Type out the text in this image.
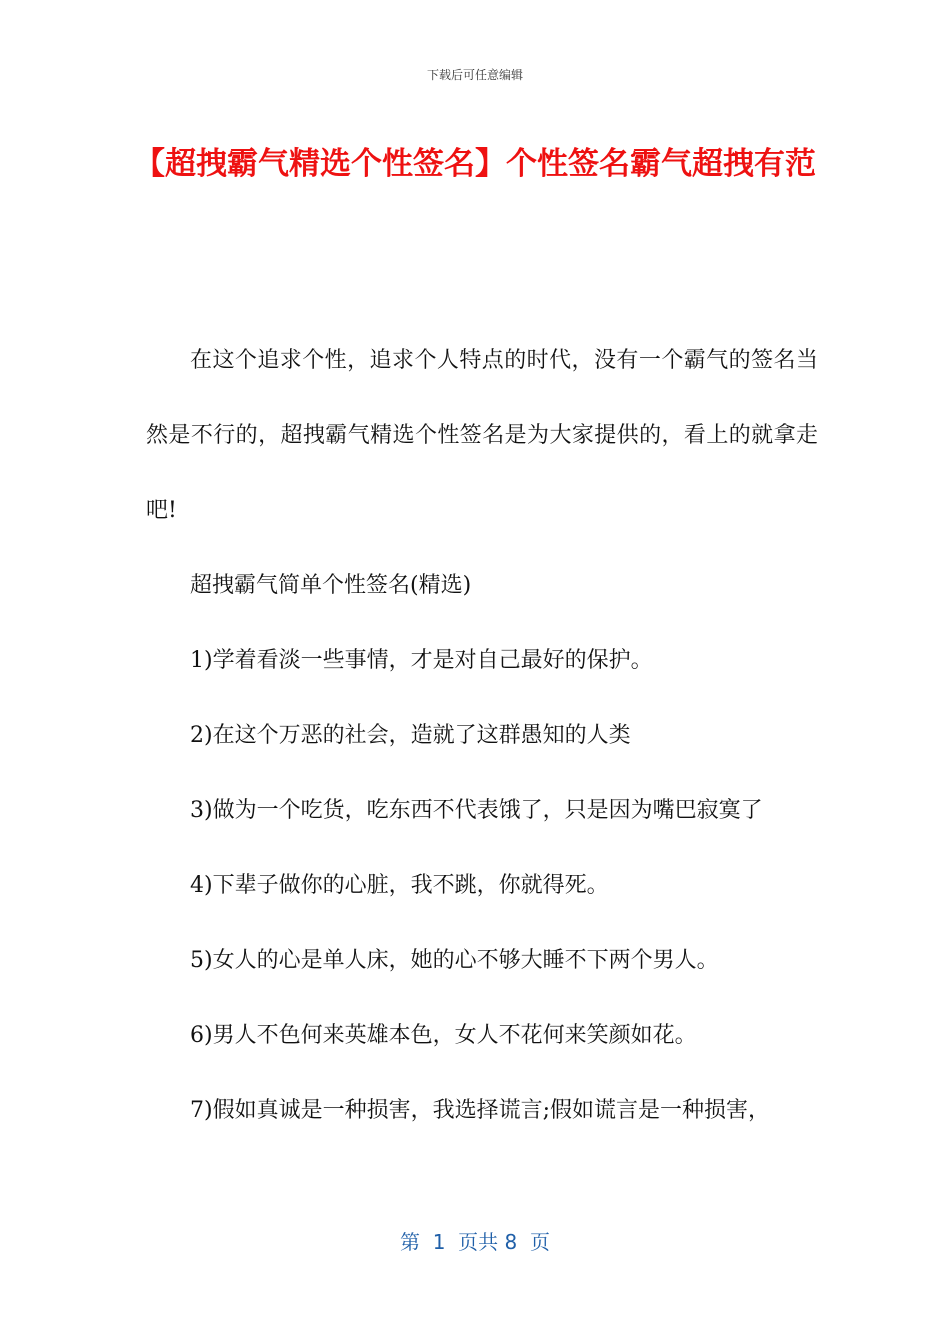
下载后可任意编辑
【超拽霸气精选个性签名】个性签名霸气超拽有范

在这个追求个性，追求个人特点的时代，没有一个霸气的签名当然是不行的，超拽霸气精选个性签名是为大家提供的，看上的就拿走吧!

超拽霸气简单个性签名(精选)

1)学着看淡一些事情，才是对自己最好的保护。

2)在这个万恶的社会，造就了这群愚知的人类

3)做为一个吃货，吃东西不代表饿了，只是因为嘴巴寂寞了

4)下辈子做你的心脏，我不跳，你就得死。

5)女人的心是单人床，她的心不够大睡不下两个男人。

6)男人不色何来英雄本色，女人不花何来笑颜如花。

7)假如真诚是一种损害，我选择谎言;假如谎言是一种损害，

第  1  页共 8  页
